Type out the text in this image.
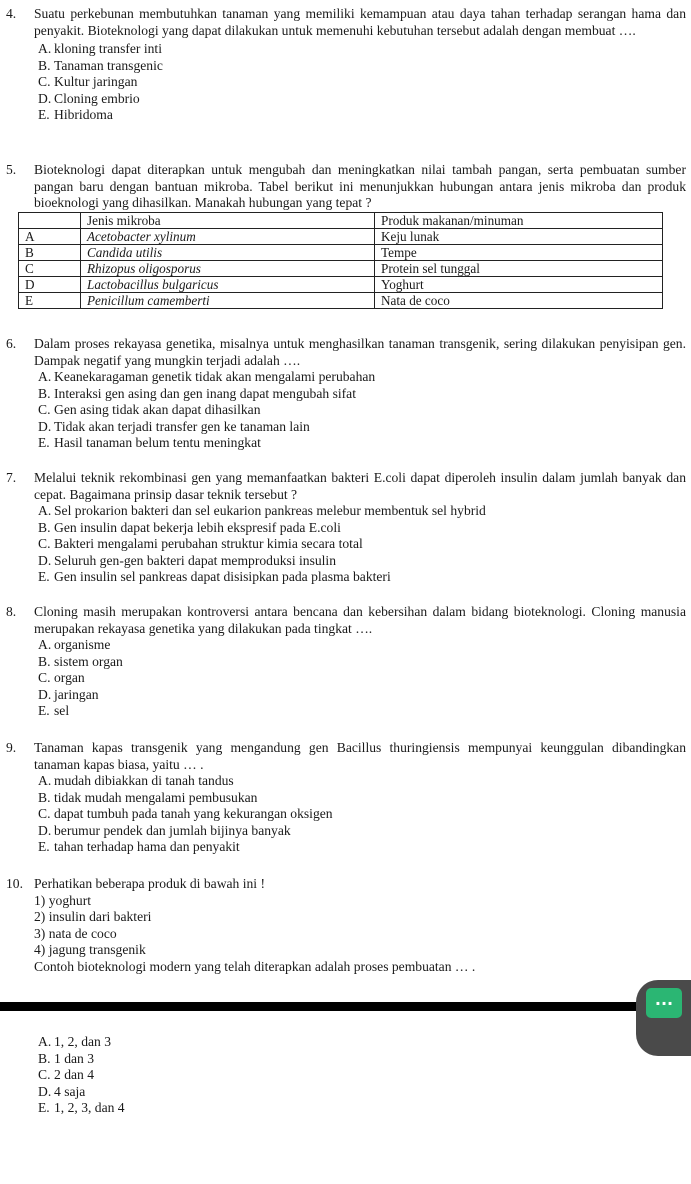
4.	Suatu perkebunan membutuhkan tanaman yang memiliki kemampuan atau daya tahan terhadap serangan hama dan penyakit. Bioteknologi yang dapat dilakukan untuk memenuhi kebutuhan tersebut adalah dengan membuat ….
A. kloning transfer inti
B. Tanaman transgenic
C. Kultur jaringan
D. Cloning embrio
E. Hibridoma
5.	Bioteknologi dapat diterapkan untuk mengubah dan meningkatkan nilai tambah pangan, serta pembuatan sumber pangan baru dengan bantuan mikroba. Tabel berikut ini menunjukkan hubungan antara jenis mikroba dan produk bioeknologi yang dihasilkan. Manakah hubungan yang tepat ?
	Jenis mikroba	Produk makanan/minuman
A	Acetobacter xylinum	Keju lunak
B	Candida utilis	Tempe
C	Rhizopus oligosporus	Protein sel tunggal
D	Lactobacillus bulgaricus	Yoghurt
E	Penicillum camemberti	Nata de coco
6.	Dalam proses rekayasa genetika, misalnya untuk menghasilkan tanaman transgenik, sering dilakukan penyisipan gen. Dampak negatif yang mungkin terjadi adalah ….
A. Keanekaragaman genetik tidak akan mengalami perubahan
B. Interaksi gen asing dan gen inang dapat mengubah sifat
C. Gen asing tidak akan dapat dihasilkan
D. Tidak akan terjadi transfer gen ke tanaman lain
E. Hasil tanaman belum tentu meningkat
7.	Melalui teknik rekombinasi gen yang memanfaatkan bakteri E.coli dapat diperoleh insulin dalam jumlah banyak dan cepat. Bagaimana prinsip dasar teknik tersebut ?
A. Sel prokarion bakteri dan sel eukarion pankreas melebur membentuk sel hybrid
B. Gen insulin dapat bekerja lebih ekspresif pada E.coli
C. Bakteri mengalami perubahan struktur kimia secara total
D. Seluruh gen-gen bakteri dapat memproduksi insulin
E. Gen insulin sel pankreas dapat disisipkan pada plasma bakteri
8.	Cloning masih merupakan kontroversi antara bencana dan kebersihan dalam bidang bioteknologi. Cloning manusia merupakan rekayasa genetika yang dilakukan pada tingkat ….
A. organisme
B. sistem organ
C. organ
D. jaringan
E. sel
9.	Tanaman kapas transgenik yang mengandung gen Bacillus thuringiensis mempunyai keunggulan dibandingkan tanaman kapas biasa, yaitu … .
A. mudah dibiakkan di tanah tandus
B. tidak mudah mengalami pembusukan
C. dapat tumbuh pada tanah yang kekurangan oksigen
D. berumur pendek dan jumlah bijinya banyak
E. tahan terhadap hama dan penyakit
10. Perhatikan beberapa produk di bawah ini !
1) yoghurt
2) insulin dari bakteri
3) nata de coco
4) jagung transgenik
Contoh bioteknologi modern yang telah diterapkan adalah proses pembuatan … .
...
A. 1, 2, dan 3
B. 1 dan 3
C. 2 dan 4
D. 4 saja
E. 1, 2, 3, dan 4
